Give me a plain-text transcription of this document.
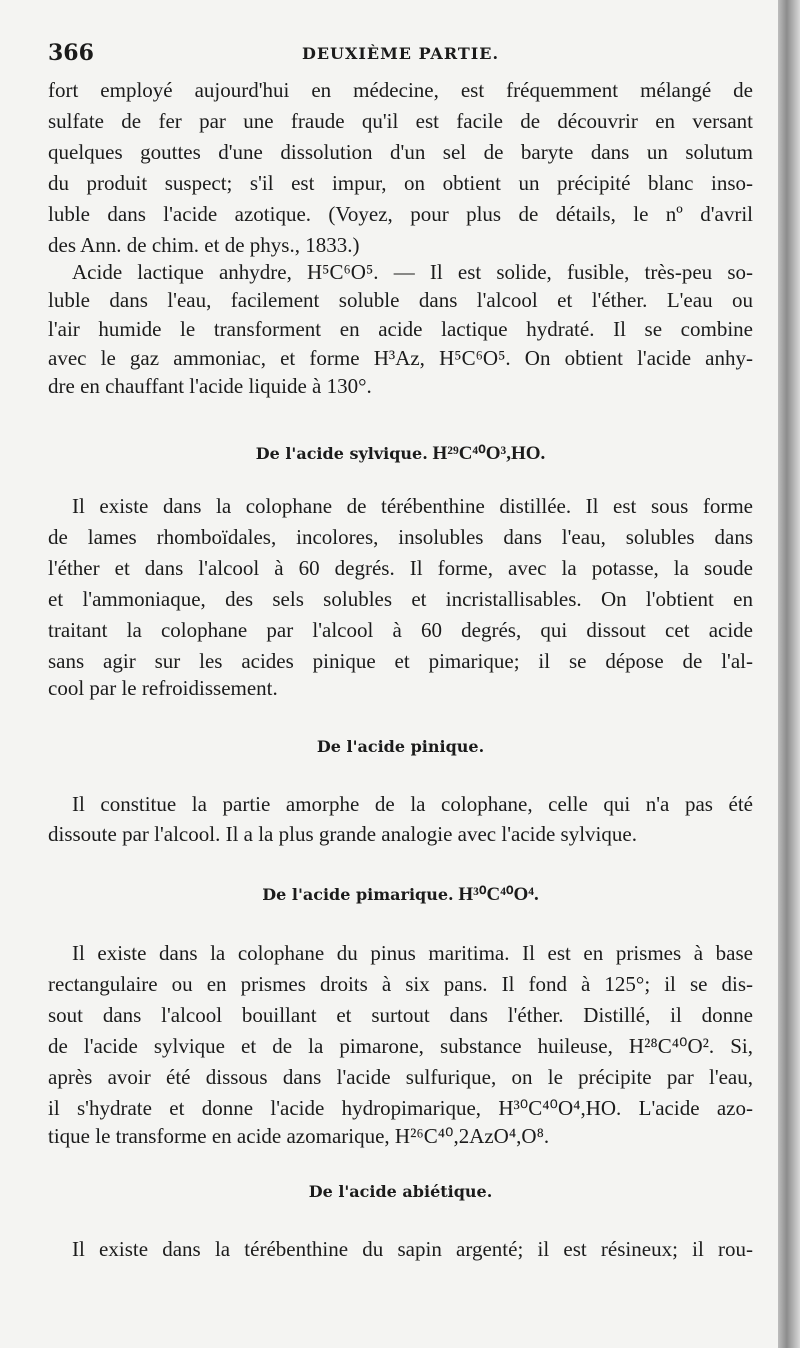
366	DEUXIÈME PARTIE.

fort employé aujourd'hui en médecine, est fréquemment mélangé de

sulfate de fer par une fraude qu'il est facile de découvrir en versant

quelques gouttes d'une dissolution d'un sel de baryte dans un solutum

du produit suspect; s'il est impur, on obtient un précipité blanc inso-

luble dans l'acide azotique. (Voyez, pour plus de détails, le nº d'avril

des Ann. de chim. et de phys., 1833.)

Acide lactique anhydre, H⁵C⁶O⁵. — Il est solide, fusible, très-peu so-

luble dans l'eau, facilement soluble dans l'alcool et l'éther. L'eau ou

l'air humide le transforment en acide lactique hydraté. Il se combine

avec le gaz ammoniac, et forme H³Az, H⁵C⁶O⁵. On obtient l'acide anhy-

dre en chauffant l'acide liquide à 130°.

De l'acide sylvique. H²⁹C⁴⁰O³,HO.

Il existe dans la colophane de térébenthine distillée. Il est sous forme

de lames rhomboïdales, incolores, insolubles dans l'eau, solubles dans

l'éther et dans l'alcool à 60 degrés. Il forme, avec la potasse, la soude

et l'ammoniaque, des sels solubles et incristallisables. On l'obtient en

traitant la colophane par l'alcool à 60 degrés, qui dissout cet acide

sans agir sur les acides pinique et pimarique; il se dépose de l'al-

cool par le refroidissement.

De l'acide pinique.

Il constitue la partie amorphe de la colophane, celle qui n'a pas été

dissoute par l'alcool. Il a la plus grande analogie avec l'acide sylvique.

De l'acide pimarique. H³⁰C⁴⁰O⁴.

Il existe dans la colophane du pinus maritima. Il est en prismes à base

rectangulaire ou en prismes droits à six pans. Il fond à 125°; il se dis-

sout dans l'alcool bouillant et surtout dans l'éther. Distillé, il donne

de l'acide sylvique et de la pimarone, substance huileuse, H²⁸C⁴⁰O². Si,

après avoir été dissous dans l'acide sulfurique, on le précipite par l'eau,

il s'hydrate et donne l'acide hydropimarique, H³⁰C⁴⁰O⁴,HO. L'acide azo-

tique le transforme en acide azomarique, H²⁶C⁴⁰,2AzO⁴,O⁸.

De l'acide abiétique.

Il existe dans la térébenthine du sapin argenté; il est résineux; il rou-
